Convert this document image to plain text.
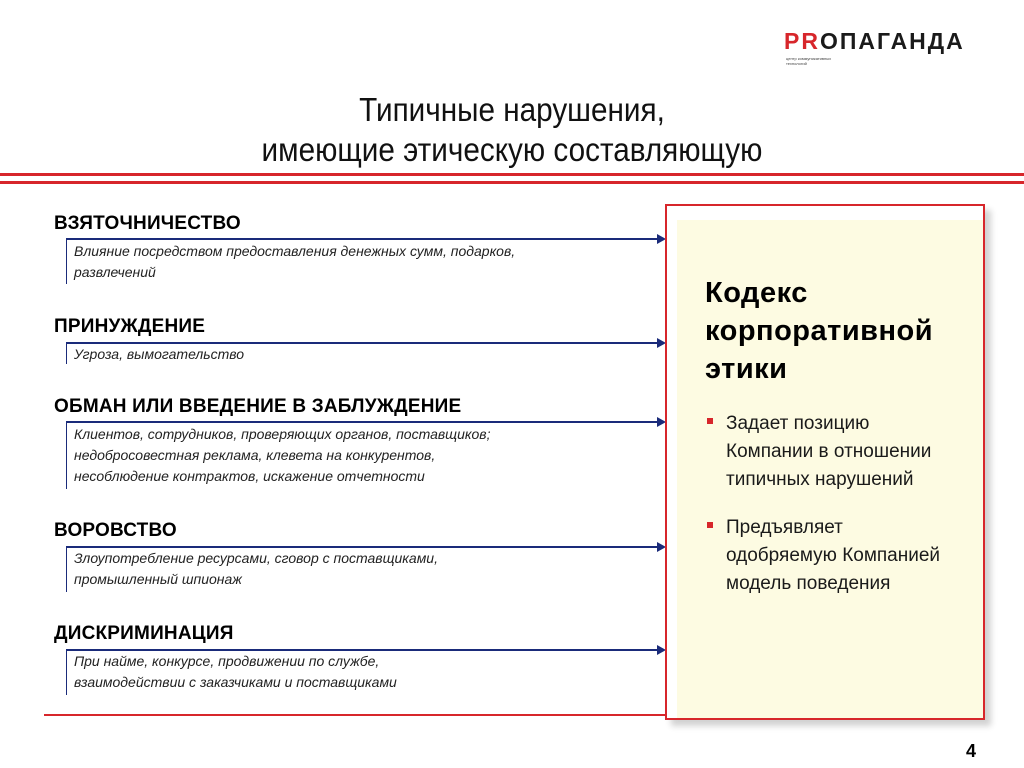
PRОПАГАНДА
центр коммуникативных технологий
Типичные нарушения,
имеющие этическую составляющую
ВЗЯТОЧНИЧЕСТВО
Влияние посредством предоставления денежных сумм, подарков,
развлечений
ПРИНУЖДЕНИЕ
Угроза, вымогательство
ОБМАН ИЛИ ВВЕДЕНИЕ В ЗАБЛУЖДЕНИЕ
Клиентов, сотрудников, проверяющих органов, поставщиков;
недобросовестная реклама, клевета на конкурентов,
несоблюдение контрактов, искажение отчетности
ВОРОВСТВО
Злоупотребление ресурсами, сговор с поставщиками,
промышленный шпионаж
ДИСКРИМИНАЦИЯ
При найме, конкурсе, продвижении по службе,
взаимодействии с заказчиками и поставщиками
Кодекс
корпоративной
этики
Задает позицию
Компании в отношении
типичных нарушений
Предъявляет
одобряемую Компанией
модель поведения
4
